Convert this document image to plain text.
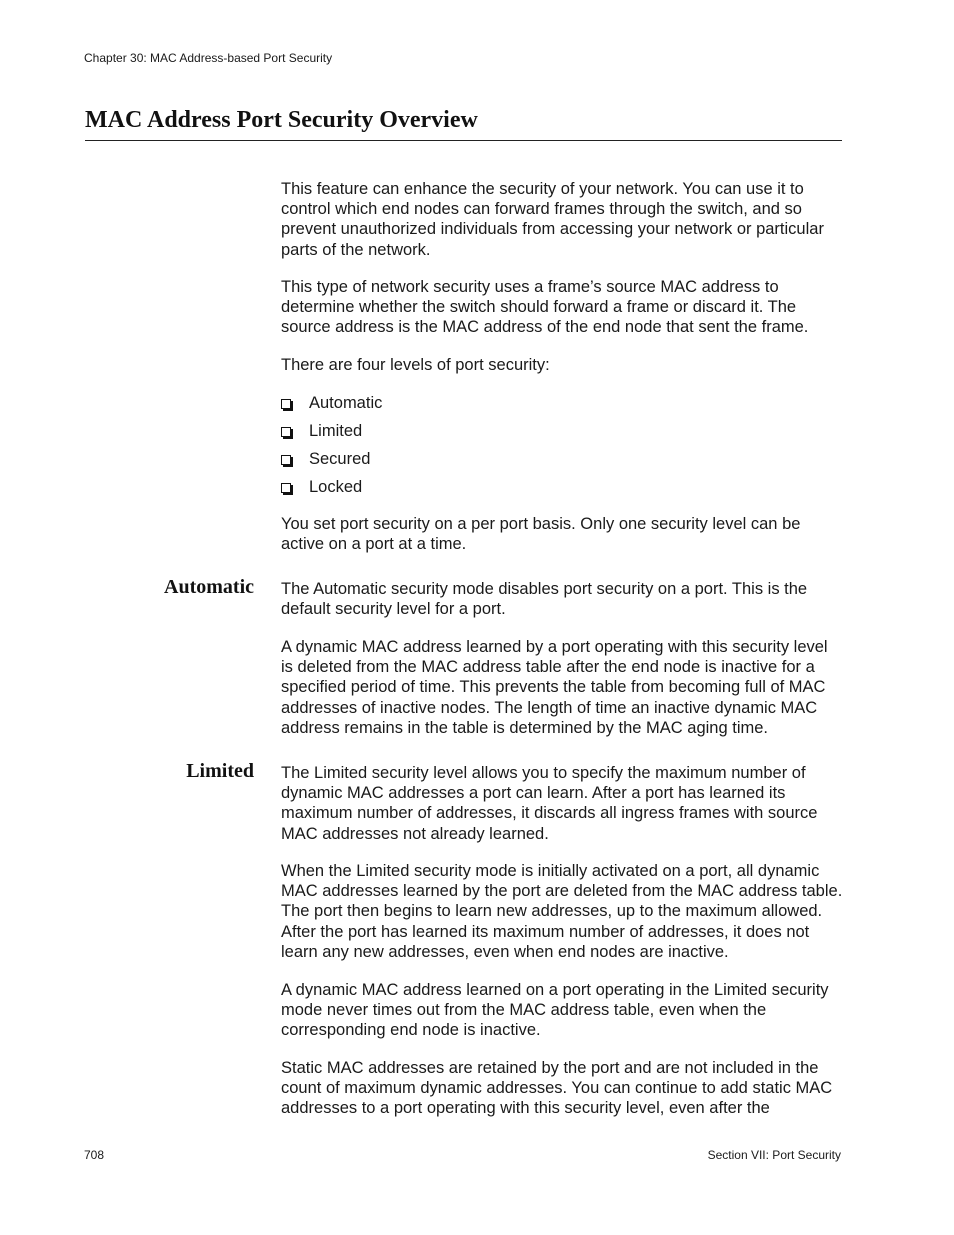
Chapter 30: MAC Address-based Port Security
MAC Address Port Security Overview

This feature can enhance the security of your network. You can use it to control which end nodes can forward frames through the switch, and so prevent unauthorized individuals from accessing your network or particular parts of the network.

This type of network security uses a frame’s source MAC address to determine whether the switch should forward a frame or discard it. The source address is the MAC address of the end node that sent the frame.

There are four levels of port security:

Automatic
Limited
Secured
Locked

You set port security on a per port basis. Only one security level can be active on a port at a time.

Automatic The Automatic security mode disables port security on a port. This is the default security level for a port.

A dynamic MAC address learned by a port operating with this security level is deleted from the MAC address table after the end node is inactive for a specified period of time. This prevents the table from becoming full of MAC addresses of inactive nodes. The length of time an inactive dynamic MAC address remains in the table is determined by the MAC aging time.

Limited The Limited security level allows you to specify the maximum number of dynamic MAC addresses a port can learn. After a port has learned its maximum number of addresses, it discards all ingress frames with source MAC addresses not already learned.

When the Limited security mode is initially activated on a port, all dynamic MAC addresses learned by the port are deleted from the MAC address table. The port then begins to learn new addresses, up to the maximum allowed. After the port has learned its maximum number of addresses, it does not learn any new addresses, even when end nodes are inactive.

A dynamic MAC address learned on a port operating in the Limited security mode never times out from the MAC address table, even when the corresponding end node is inactive.

Static MAC addresses are retained by the port and are not included in the count of maximum dynamic addresses. You can continue to add static MAC addresses to a port operating with this security level, even after the

708	Section VII: Port Security
